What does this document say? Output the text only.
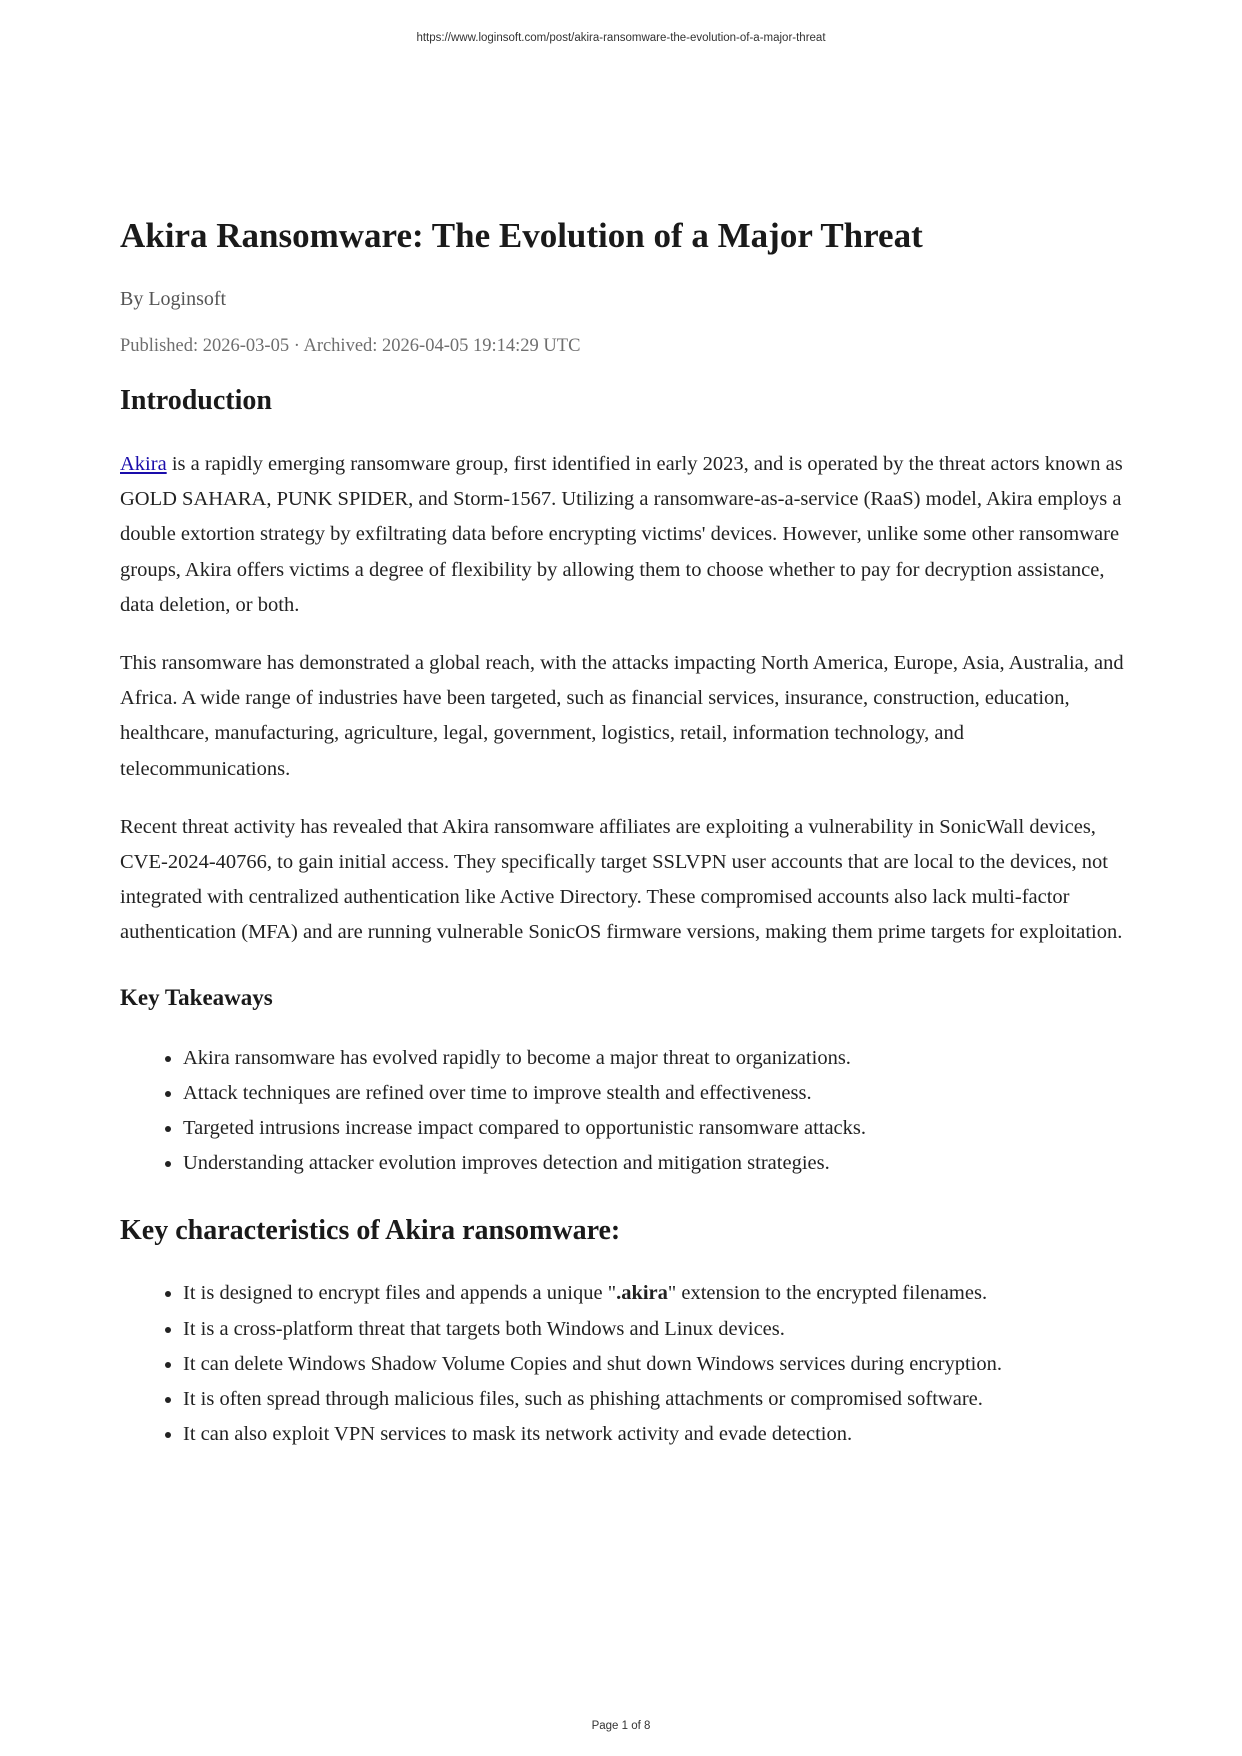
https://www.loginsoft.com/post/akira-ransomware-the-evolution-of-a-major-threat
Akira Ransomware: The Evolution of a Major Threat
By Loginsoft
Published: 2026-03-05 · Archived: 2026-04-05 19:14:29 UTC
Introduction

Akira is a rapidly emerging ransomware group, first identified in early 2023, and is operated by the threat actors known as GOLD SAHARA, PUNK SPIDER, and Storm-1567. Utilizing a ransomware-as-a-service (RaaS) model, Akira employs a double extortion strategy by exfiltrating data before encrypting victims' devices. However, unlike some other ransomware groups, Akira offers victims a degree of flexibility by allowing them to choose whether to pay for decryption assistance, data deletion, or both.

This ransomware has demonstrated a global reach, with the attacks impacting North America, Europe, Asia, Australia, and Africa. A wide range of industries have been targeted, such as financial services, insurance, construction, education, healthcare, manufacturing, agriculture, legal, government, logistics, retail, information technology, and telecommunications.

Recent threat activity has revealed that Akira ransomware affiliates are exploiting a vulnerability in SonicWall devices, CVE-2024-40766, to gain initial access. They specifically target SSLVPN user accounts that are local to the devices, not integrated with centralized authentication like Active Directory. These compromised accounts also lack multi-factor authentication (MFA) and are running vulnerable SonicOS firmware versions, making them prime targets for exploitation.

Key Takeaways
• Akira ransomware has evolved rapidly to become a major threat to organizations.
• Attack techniques are refined over time to improve stealth and effectiveness.
• Targeted intrusions increase impact compared to opportunistic ransomware attacks.
• Understanding attacker evolution improves detection and mitigation strategies.
Key characteristics of Akira ransomware:
• It is designed to encrypt files and appends a unique ".akira" extension to the encrypted filenames.
• It is a cross-platform threat that targets both Windows and Linux devices.
• It can delete Windows Shadow Volume Copies and shut down Windows services during encryption.
• It is often spread through malicious files, such as phishing attachments or compromised software.
• It can also exploit VPN services to mask its network activity and evade detection.
Page 1 of 8
